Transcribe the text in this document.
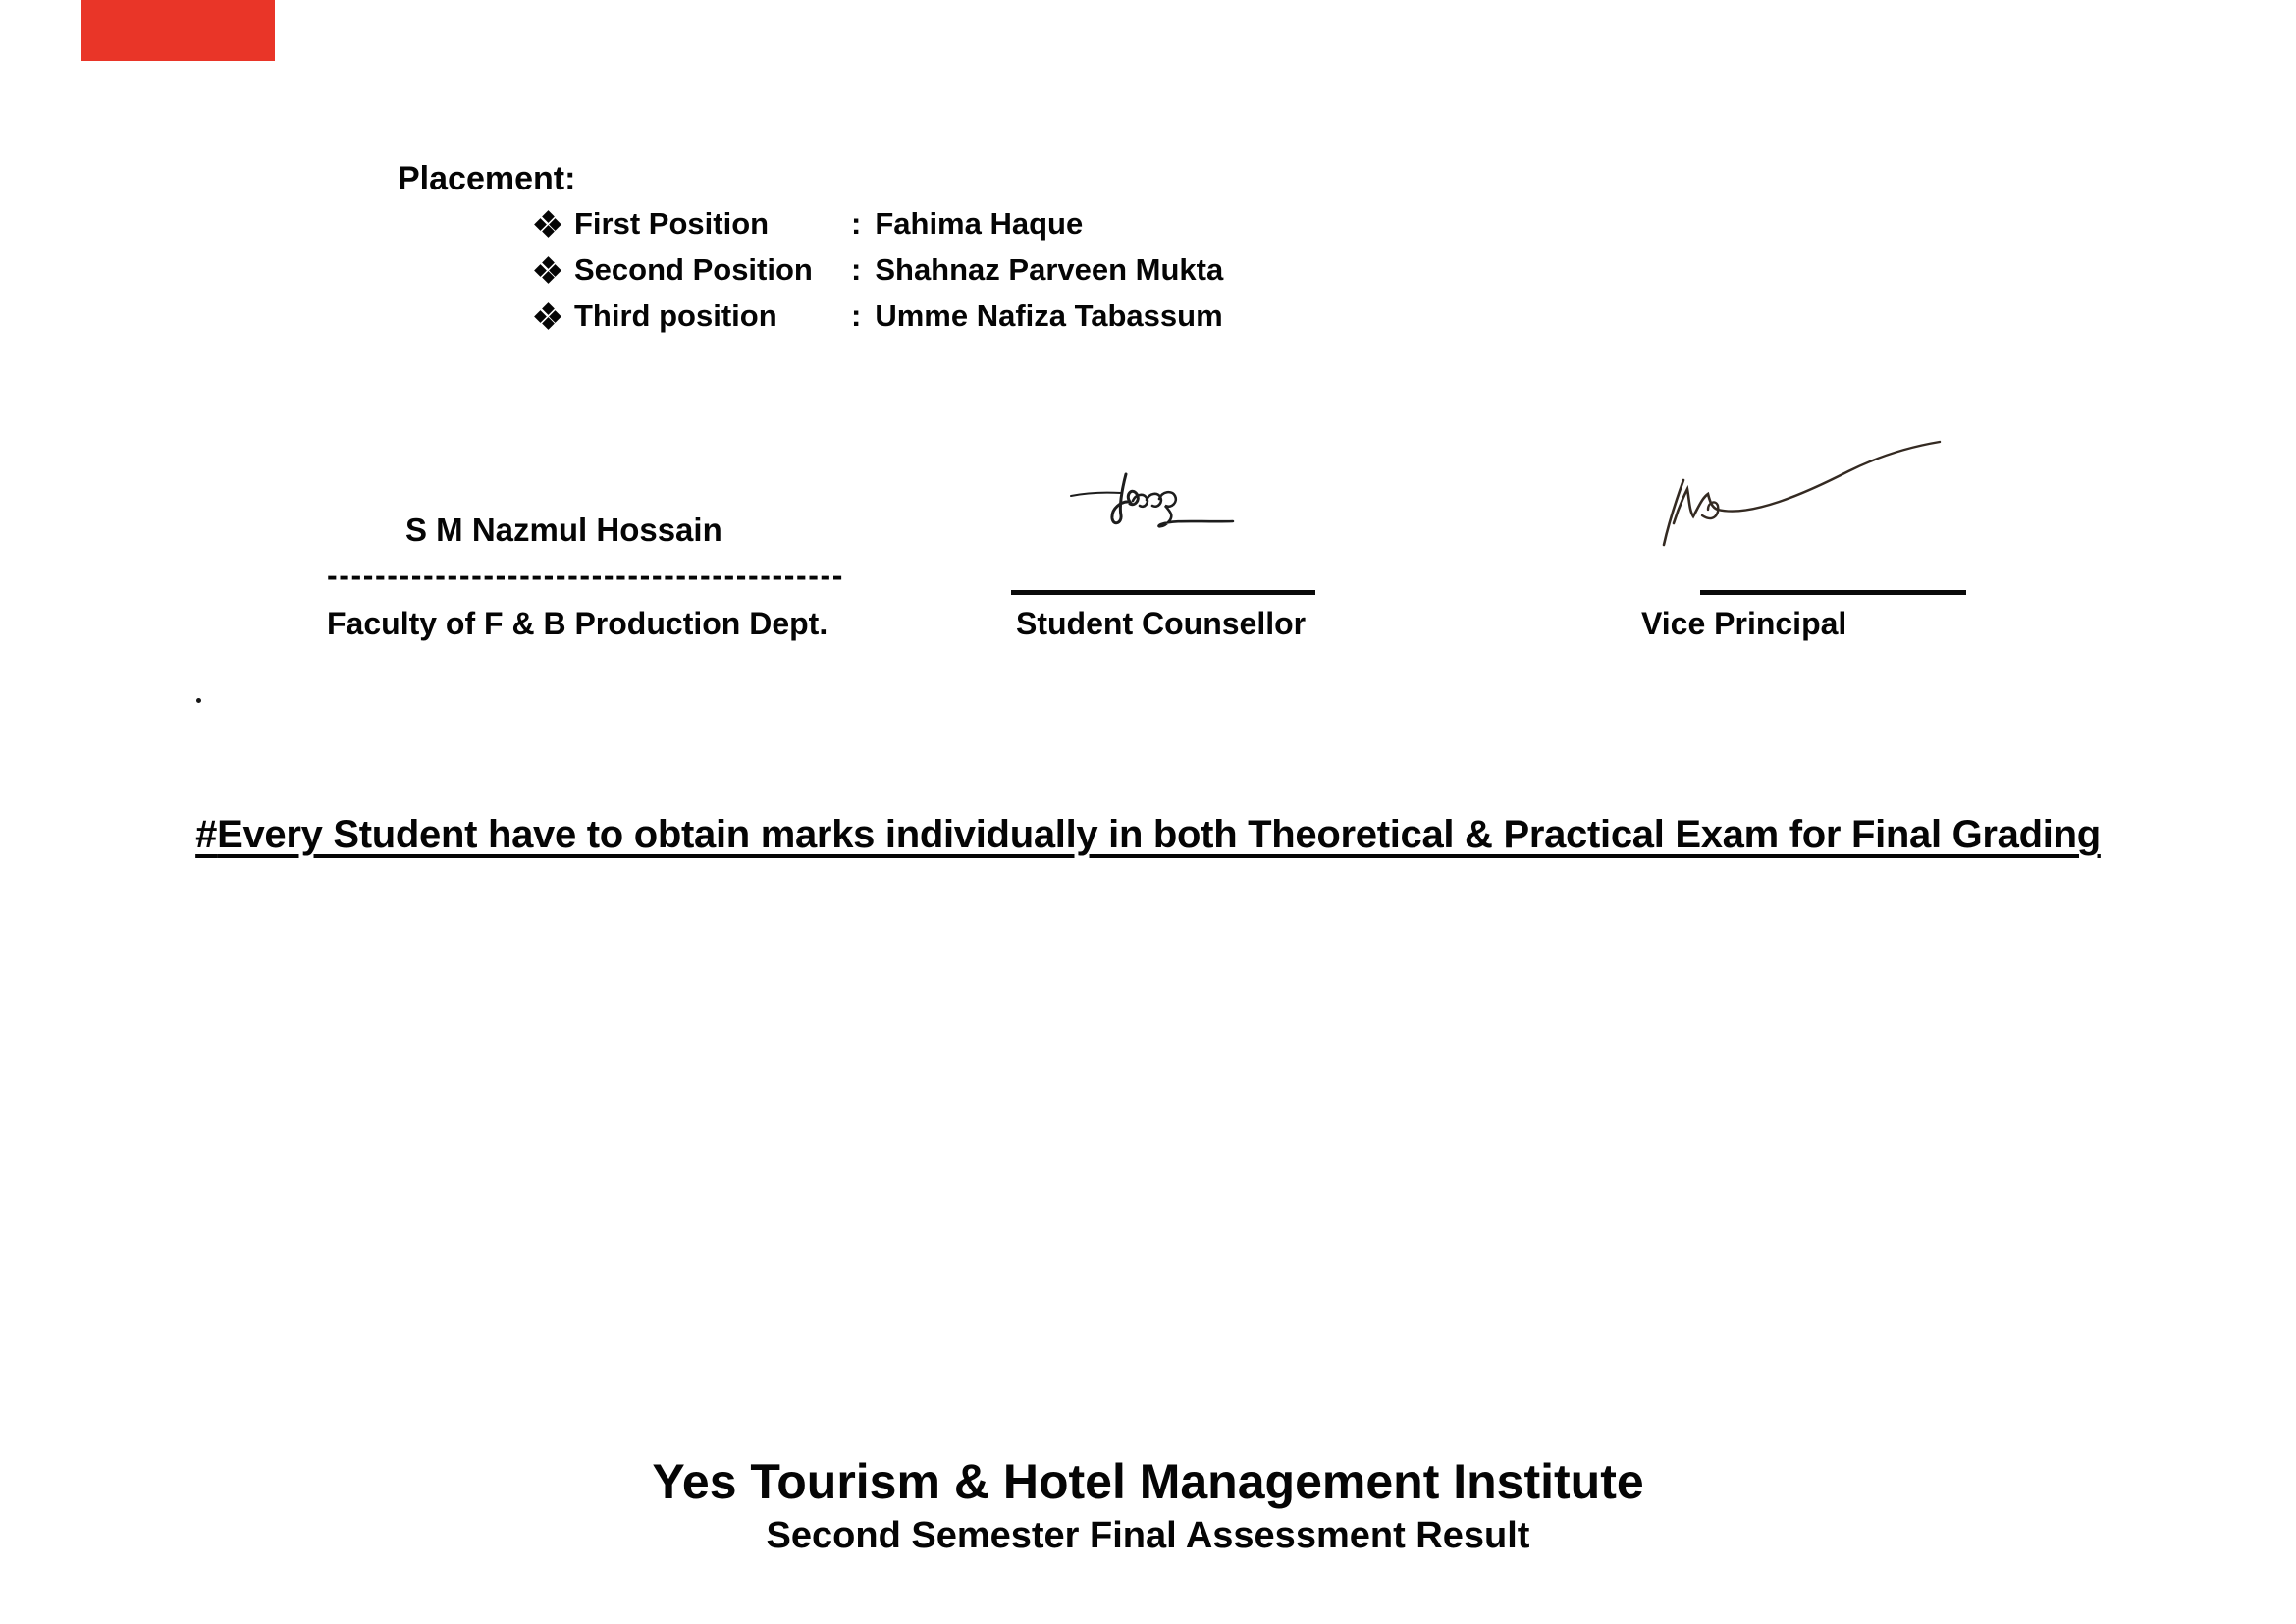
Placement:
First Position	: Fahima Haque
Second Position	: Shahnaz Parveen Mukta
Third position	: Umme Nafiza Tabassum
S M Nazmul Hossain
-------------------------------------------
Faculty of F & B Production Dept.	Student Counsellor	Vice Principal
#Every Student have to obtain marks individually in both Theoretical & Practical Exam for Final Grading
Yes Tourism & Hotel Management Institute
Second Semester Final Assessment Result
